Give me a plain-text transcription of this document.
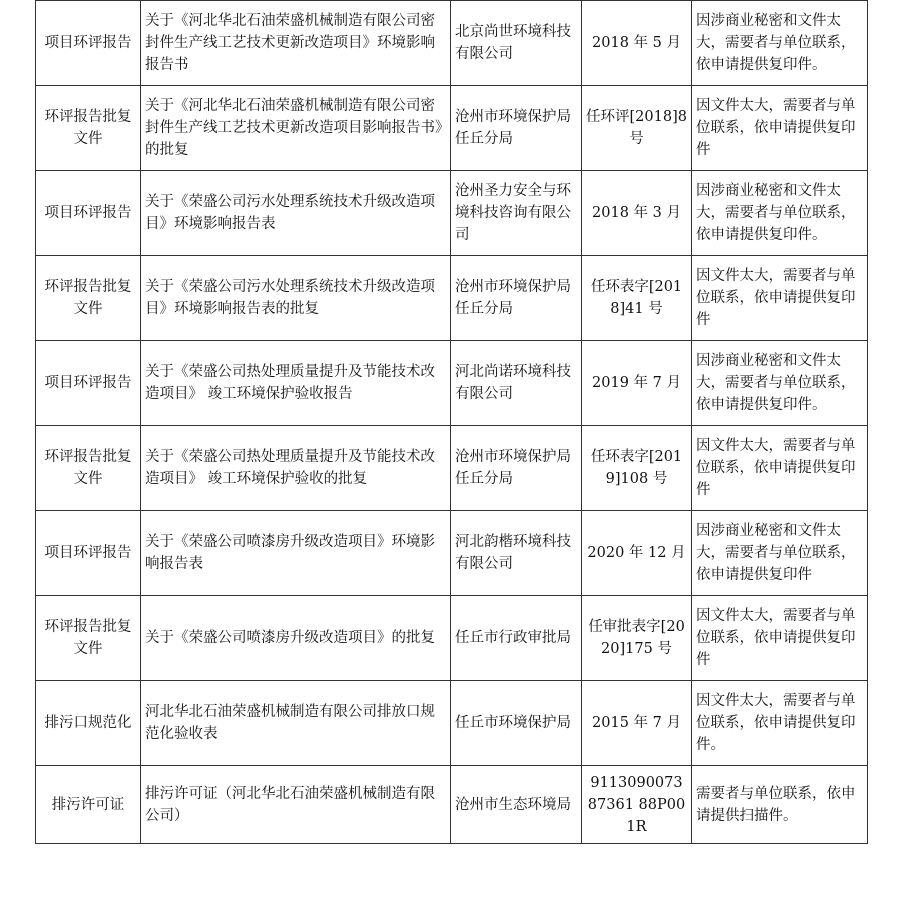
项目环评报告	关于《河北华北石油荣盛机械制造有限公司密封件生产线工艺技术更新改造项目》环境影响报告书	北京尚世环境科技有限公司	2018 年 5 月	因涉商业秘密和文件太大，需要者与单位联系，依申请提供复印件。
环评报告批复文件	关于《河北华北石油荣盛机械制造有限公司密封件生产线工艺技术更新改造项目影响报告书》的批复	沧州市环境保护局任丘分局	任环评[2018]8号	因文件太大，需要者与单位联系，依申请提供复印件
项目环评报告	关于《荣盛公司污水处理系统技术升级改造项目》环境影响报告表	沧州圣力安全与环境科技咨询有限公司	2018 年 3 月	因涉商业秘密和文件太大，需要者与单位联系，依申请提供复印件。
环评报告批复文件	关于《荣盛公司污水处理系统技术升级改造项目》环境影响报告表的批复	沧州市环境保护局任丘分局	任环表字[2018]41 号	因文件太大，需要者与单位联系，依申请提供复印件
项目环评报告	关于《荣盛公司热处理质量提升及节能技术改造项目》 竣工环境保护验收报告	河北尚诺环境科技有限公司	2019 年 7 月	因涉商业秘密和文件太大，需要者与单位联系，依申请提供复印件。
环评报告批复文件	关于《荣盛公司热处理质量提升及节能技术改造项目》 竣工环境保护验收的批复	沧州市环境保护局任丘分局	任环表字[2019]108 号	因文件太大，需要者与单位联系，依申请提供复印件
项目环评报告	关于《荣盛公司喷漆房升级改造项目》环境影响报告表	河北韵楷环境科技有限公司	2020 年 12 月	因涉商业秘密和文件太大，需要者与单位联系，依申请提供复印件
环评报告批复文件	关于《荣盛公司喷漆房升级改造项目》的批复	任丘市行政审批局	任审批表字[2020]175 号	因文件太大，需要者与单位联系，依申请提供复印件
排污口规范化	河北华北石油荣盛机械制造有限公司排放口规范化验收表	任丘市环境保护局	2015 年 7 月	因文件太大，需要者与单位联系，依申请提供复印件。
排污许可证	排污许可证（河北华北石油荣盛机械制造有限公司）	沧州市生态环境局	911309007387361 88P001R	需要者与单位联系，依申请提供扫描件。
